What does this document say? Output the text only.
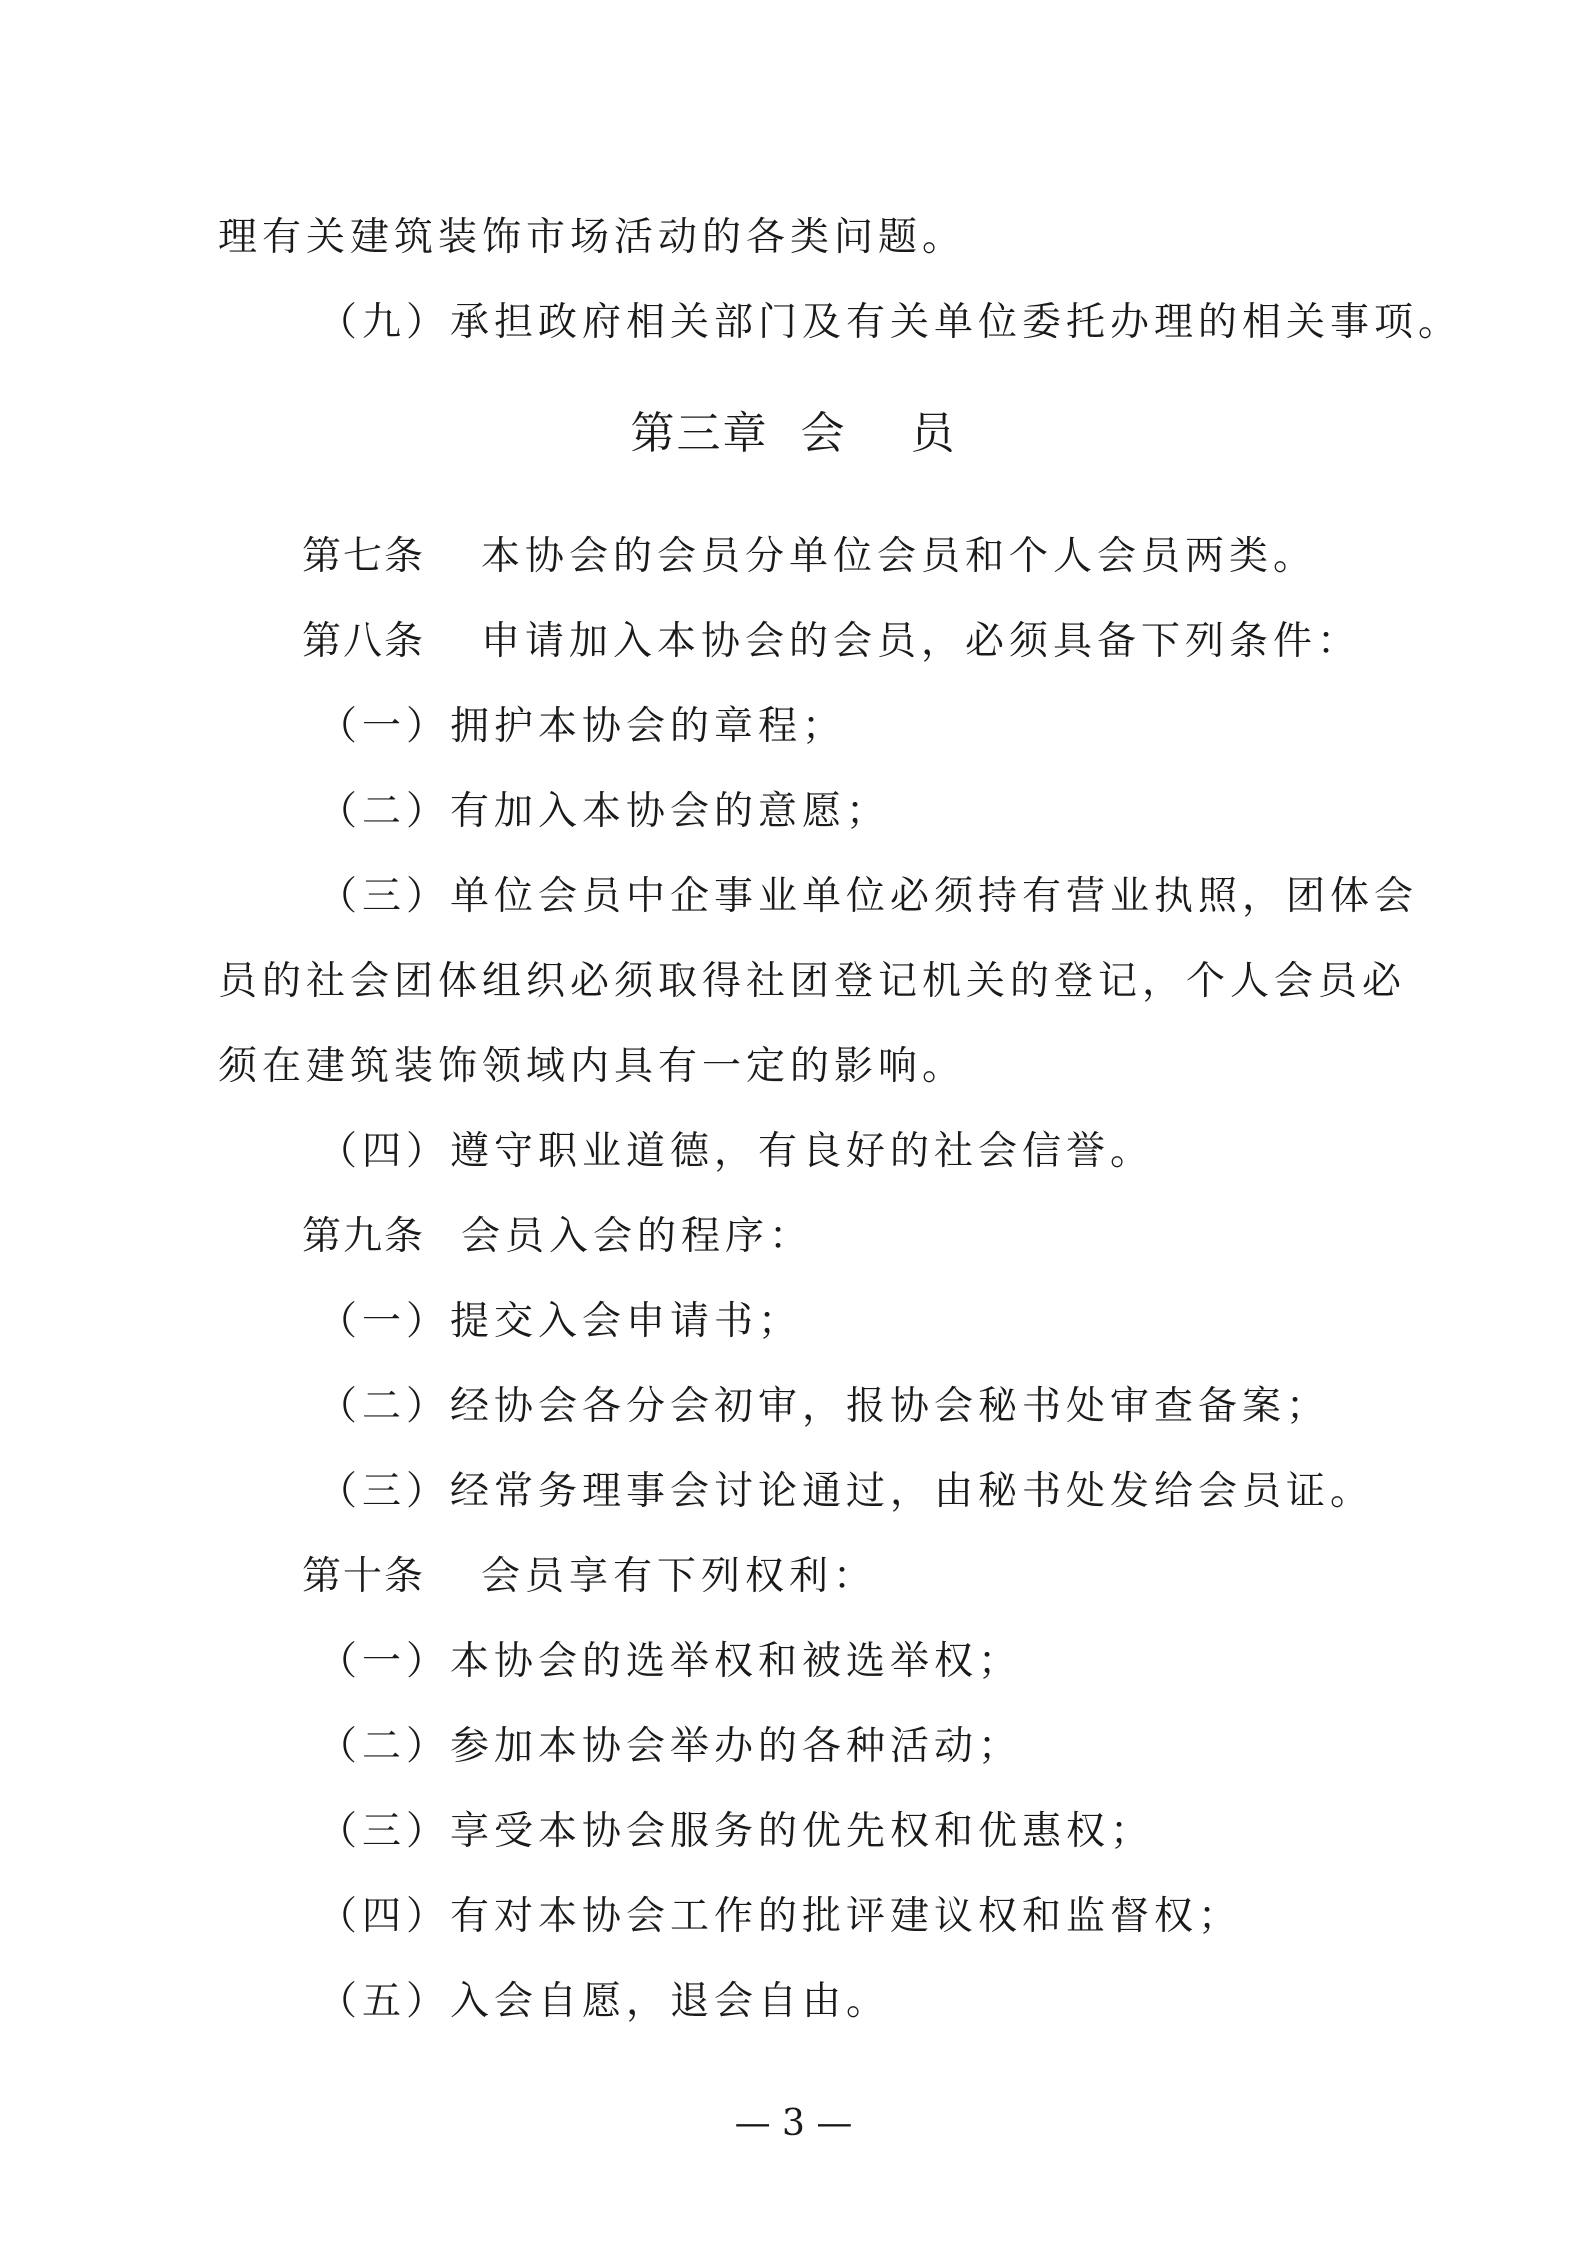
理有关建筑装饰市场活动的各类问题。
（九）承担政府相关部门及有关单位委托办理的相关事项。
第三章  会    员
第七条 本协会的会员分单位会员和个人会员两类。
第八条 申请加入本协会的会员，必须具备下列条件：
（一）拥护本协会的章程；
（二）有加入本协会的意愿；
（三）单位会员中企事业单位必须持有营业执照，团体会
员的社会团体组织必须取得社团登记机关的登记，个人会员必
须在建筑装饰领域内具有一定的影响。
（四）遵守职业道德，有良好的社会信誉。
第九条 会员入会的程序：
（一）提交入会申请书；
（二）经协会各分会初审，报协会秘书处审查备案；
（三）经常务理事会讨论通过，由秘书处发给会员证。
第十条 会员享有下列权利：
（一）本协会的选举权和被选举权；
（二）参加本协会举办的各种活动；
（三）享受本协会服务的优先权和优惠权；
（四）有对本协会工作的批评建议权和监督权；
（五）入会自愿，退会自由。
— 3 —
